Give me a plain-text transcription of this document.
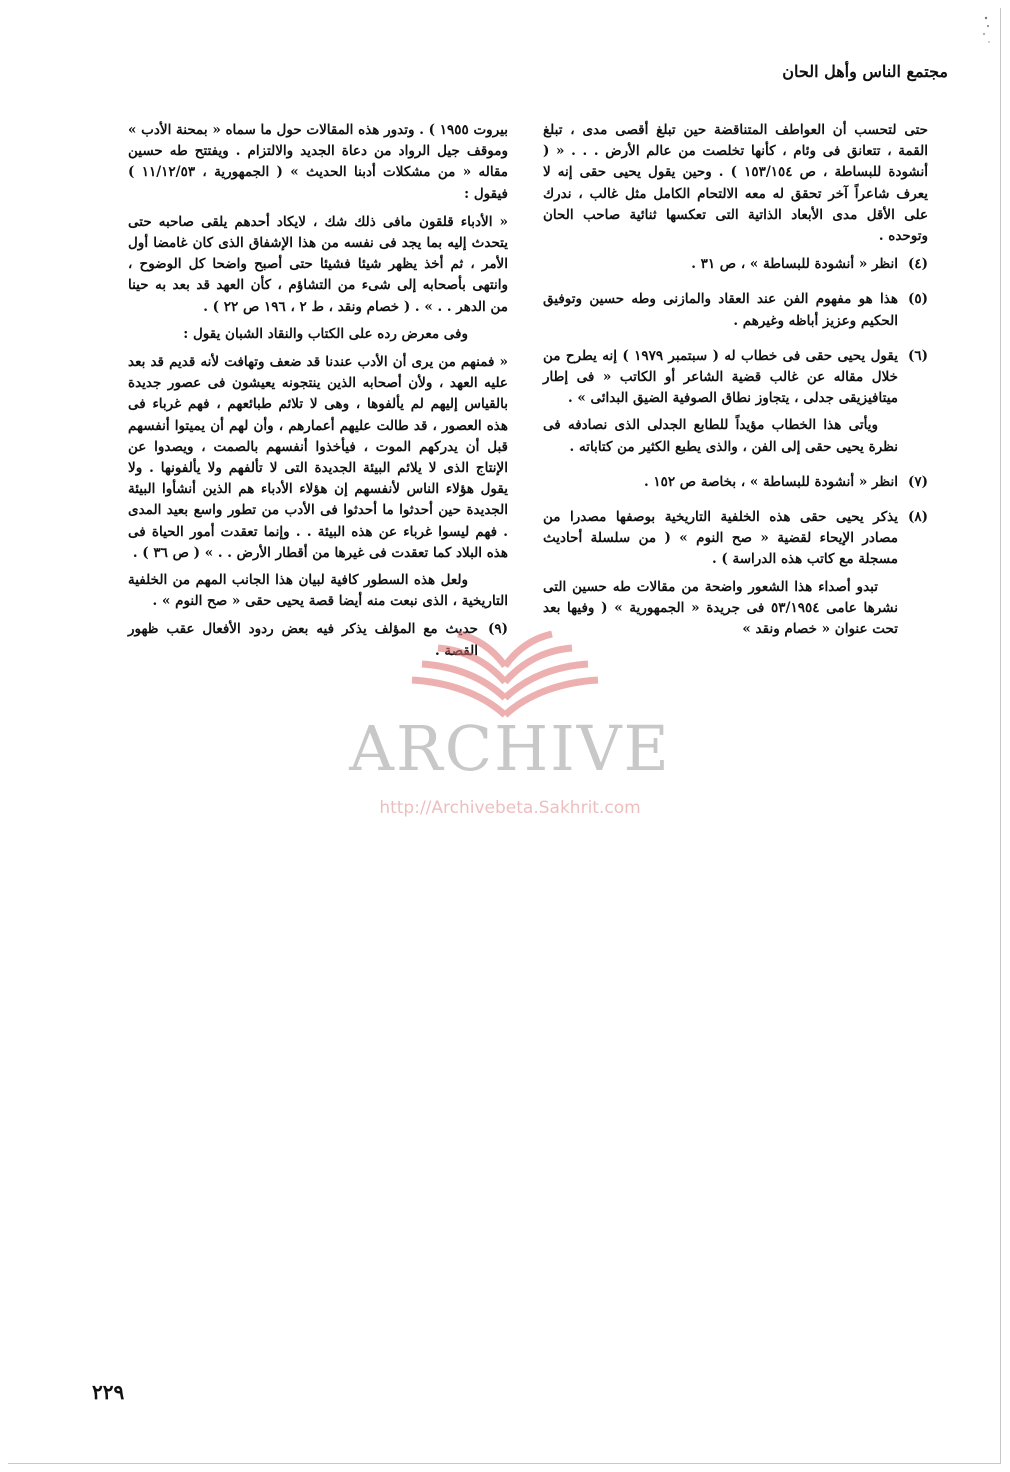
مجتمع الناس وأهل الحان

حتى لتحسب أن العواطف المتناقضة حين تبلغ أقصى مدى ، تبلغ القمة ، تتعانق فى وئام ، كأنها تخلصت من عالم الأرض . . . « ( أنشودة للبساطة ، ص ١٥٣/١٥٤ ) . وحين يقول يحيى حقى إنه لا يعرف شاعراً آخر تحقق له معه الالتحام الكامل مثل غالب ، ندرك على الأقل مدى الأبعاد الذاتية التى تعكسها ثنائية صاحب الحان وتوحده .

(٤)

انظر « أنشودة للبساطة » ، ص ٣١ .

(٥)

هذا هو مفهوم الفن عند العقاد والمازنى وطه حسين وتوفيق الحكيم وعزيز أباظه وغيرهم .

(٦)

يقول يحيى حقى فى خطاب له ( سبتمبر ١٩٧٩ ) إنه يطرح من خلال مقاله عن غالب قضية الشاعر أو الكاتب « فى إطار ميتافيزيقى جدلى ، يتجاوز نطاق الصوفية الضيق البدائى » .

ويأتى هذا الخطاب مؤيداً للطابع الجدلى الذى نصادفه فى نظرة يحيى حقى إلى الفن ، والذى يطبع الكثير من كتاباته .

(٧)

انظر « أنشودة للبساطة » ، بخاصة ص ١٥٢ .

(٨)

يذكر يحيى حقى هذه الخلفية التاريخية بوصفها مصدرا من مصادر الإيحاء لقضية « صح النوم » ( من سلسلة أحاديث مسجلة مع كاتب هذه الدراسة ) .

تبدو أصداء هذا الشعور واضحة من مقالات طه حسين التى نشرها عامى ٥٣/١٩٥٤ فى جريدة « الجمهورية » ( وفيها بعد تحت عنوان « خصام ونقد »

بيروت ١٩٥٥ ) . وتدور هذه المقالات حول ما سماه « بمحنة الأدب » وموقف جيل الرواد من دعاة الجديد والالتزام . ويفتتح طه حسين مقاله « من مشكلات أدبنا الحديث » ( الجمهورية ، ١١/١٢/٥٣ ) فيقول :

« الأدباء قلقون مافى ذلك شك ، لايكاد أحدهم يلقى صاحبه حتى يتحدث إليه بما يجد فى نفسه من هذا الإشفاق الذى كان غامضا أول الأمر ، ثم أخذ يظهر شيئا فشيئا حتى أصبح واضحا كل الوضوح ، وانتهى بأصحابه إلى شىء من التشاؤم ، كأن العهد قد بعد به حينا من الدهر . . » . ( خصام ونقد ، ط ٢ ، ١٩٦ ص ٢٢ ) .

وفى معرض رده على الكتاب والنقاد الشبان يقول :

« فمنهم من يرى أن الأدب عندنا قد ضعف وتهافت لأنه قديم قد بعد عليه العهد ، ولأن أصحابه الذين ينتجونه يعيشون فى عصور جديدة بالقياس إليهم لم يألفوها ، وهى لا تلائم طبائعهم ، فهم غرباء فى هذه العصور ، قد طالت عليهم أعمارهم ، وأن لهم أن يميتوا أنفسهم قبل أن يدركهم الموت ، فيأخذوا أنفسهم بالصمت ، ويصدوا عن الإنتاج الذى لا يلائم البيئة الجديدة التى لا تألفهم ولا يألفونها . ولا يقول هؤلاء الناس لأنفسهم إن هؤلاء الأدباء هم الذين أنشأوا البيئة الجديدة حين أحدثوا ما أحدثوا فى الأدب من تطور واسع بعيد المدى . فهم ليسوا غرباء عن هذه البيئة . . وإنما تعقدت أمور الحياة فى هذه البلاد كما تعقدت فى غيرها من أقطار الأرض . . » ( ص ٣٦ ) .

ولعل هذه السطور كافية لبيان هذا الجانب المهم من الخلفية التاريخية ، الذى نبعت منه أيضا قصة يحيى حقى « صح النوم » .

(٩)
حديث مع المؤلف يذكر فيه بعض ردود الأفعال عقب ظهور القصة .
ARCHIVE
http://Archivebeta.Sakhrit.com
٢٢٩
